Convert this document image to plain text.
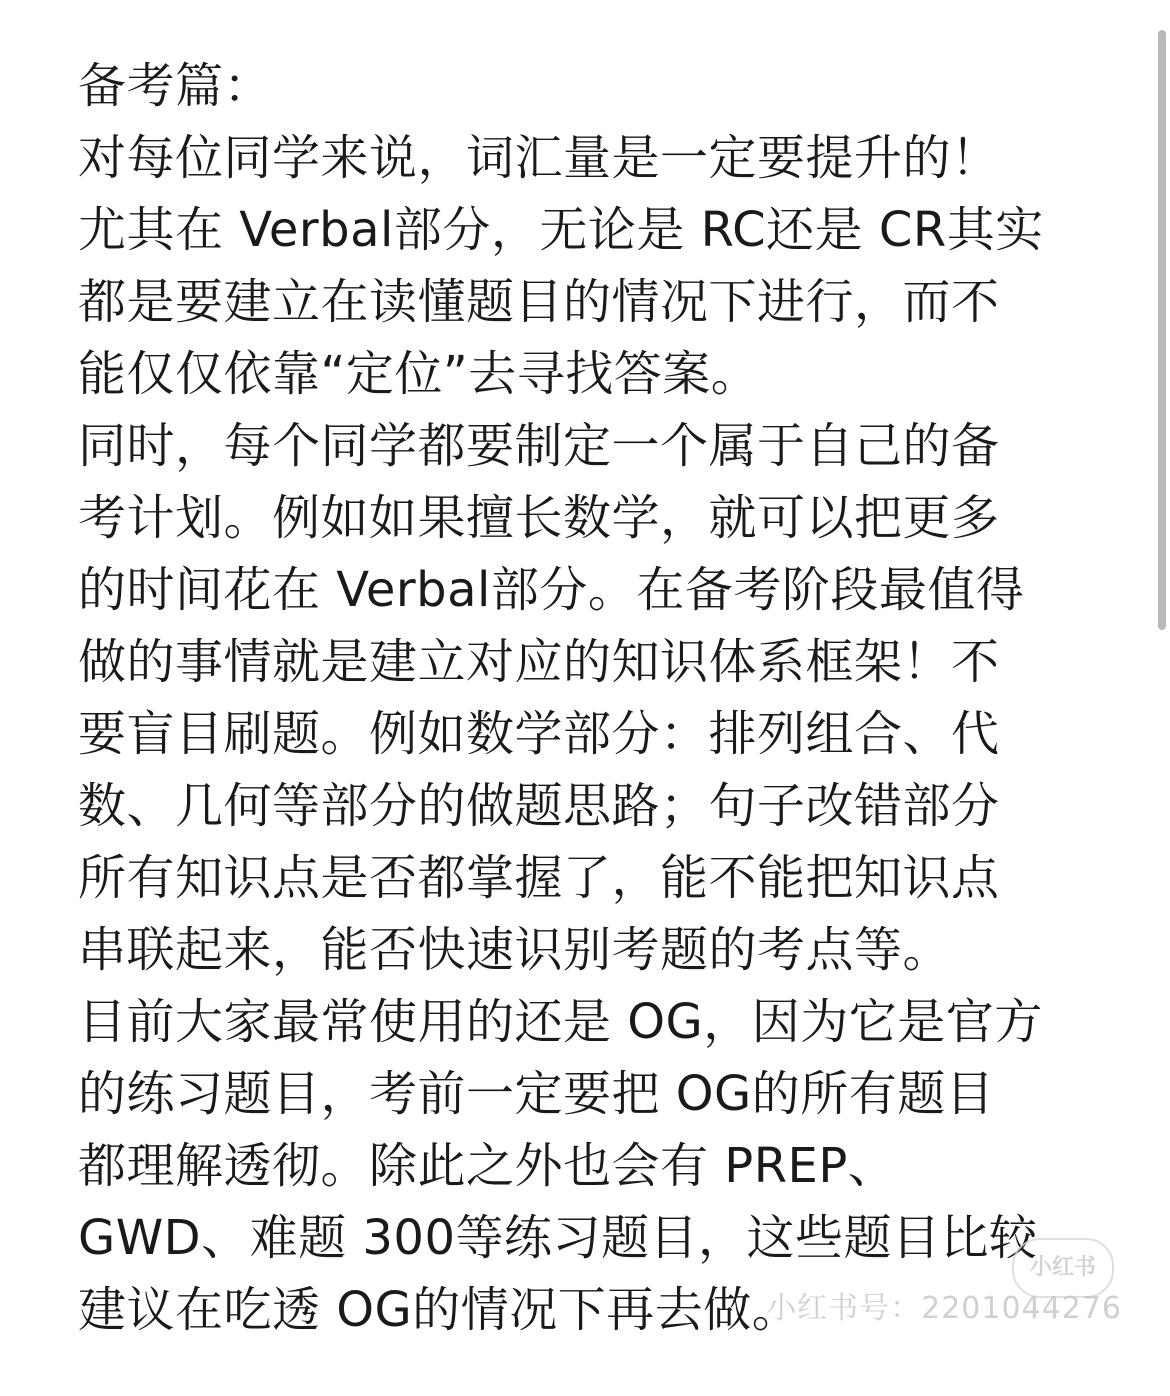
备考篇：
对每位同学来说，词汇量是一定要提升的！
尤其在 Verbal部分，无论是 RC还是 CR其实
都是要建立在读懂题目的情况下进行，而不
能仅仅依靠“定位”去寻找答案。
同时，每个同学都要制定一个属于自己的备
考计划。例如如果擅长数学，就可以把更多
的时间花在 Verbal部分。在备考阶段最值得
做的事情就是建立对应的知识体系框架！不
要盲目刷题。例如数学部分：排列组合、代
数、几何等部分的做题思路；句子改错部分
所有知识点是否都掌握了，能不能把知识点
串联起来，能否快速识别考题的考点等。
目前大家最常使用的还是 OG，因为它是官方
的练习题目，考前一定要把 OG的所有题目
都理解透彻。除此之外也会有 PREP、
GWD、难题 300等练习题目，这些题目比较
建议在吃透 OG的情况下再去做。
小红书
小红书号：2201044276
